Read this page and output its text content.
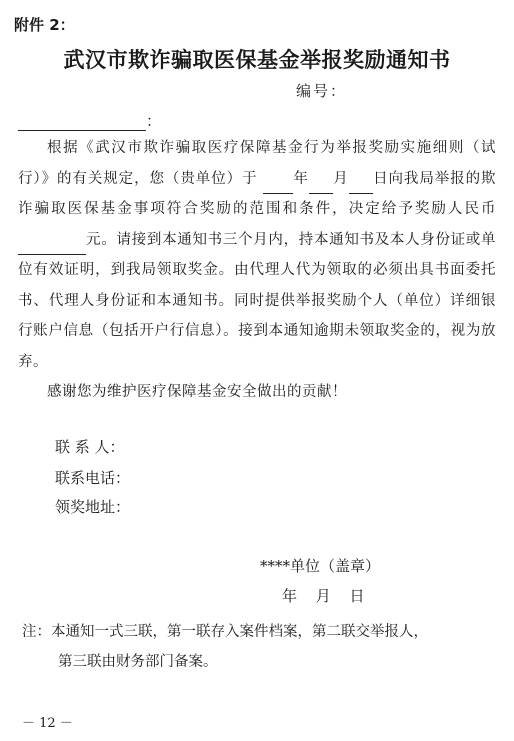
附件 2：
武汉市欺诈骗取医保基金举报奖励通知书
编号：
：

根据《武汉市欺诈骗取医疗保障基金行为举报奖励实施细则（试行）》的有关规定，您（贵单位）于 年 月 日向我局举报的欺诈骗取医保基金事项符合奖励的范围和条件，决定给予奖励人民币元。请接到本通知书三个月内，持本通知书及本人身份证或单位有效证明，到我局领取奖金。由代理人代为领取的必须出具书面委托书、代理人身份证和本通知书。同时提供举报奖励个人（单位）详细银行账户信息（包括开户行信息）。接到本通知逾期未领取奖金的，视为放弃。

感谢您为维护医疗保障基金安全做出的贡献！

联 系 人：
联系电话：
领奖地址：
****单位（盖章）
年 月 日
注：本通知一式三联，第一联存入案件档案，第二联交举报人，
第三联由财务部门备案。
－ 12 －
